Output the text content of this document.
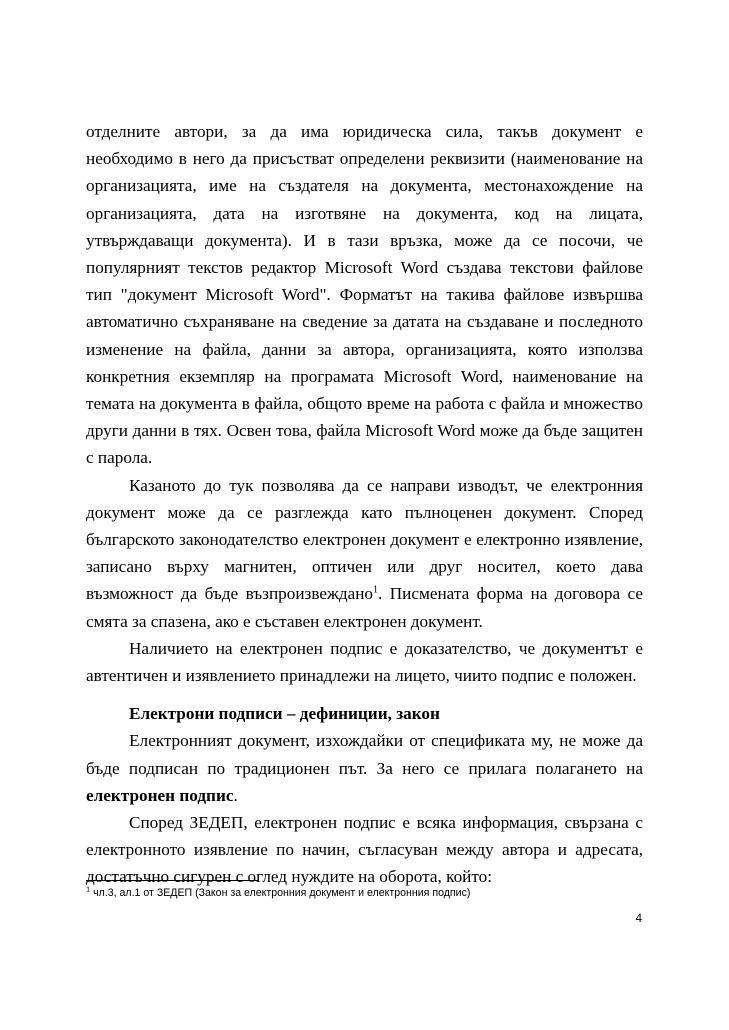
отделните автори, за да има юридическа сила, такъв документ е необходимо в него да присъстват определени реквизити (наименование на организацията, име на създателя на документа, местонахождение на организацията, дата на изготвяне на документа, код на лицата, утвърждаващи документа). И в тази връзка, може да се посочи, че популярният текстов редактор Microsoft Word създава текстови файлове тип "документ Microsoft Word". Форматът на такива файлове извършва автоматично съхраняване на сведение за датата на създаване и последното изменение на файла, данни за автора, организацията, която използва конкретния екземпляр на програмата Microsoft Word, наименование на темата на документа в файла, общото време на работа с файла и множество други данни в тях. Освен това, файла Microsoft Word може да бъде защитен с парола.

Казаното до тук позволява да се направи изводът, че електронния документ може да се разглежда като пълноценен документ. Според българското законодателство електронен документ е електронно изявление, записано върху магнитен, оптичен или друг носител, което дава възможност да бъде възпроизвеждано$^1$. Писмената форма на договора се смята за спазена, ако е съставен електронен документ.

Наличието на електронен подпис е доказателство, че документът е автентичен и изявлението принадлежи на лицето, чиито подпис е положен.

Електрони подписи – дефиниции, закон

Електронният документ, изхождайки от спецификата му, не може да бъде подписан по традиционен път. За него се прилага полагането на електронен подпис.

Според ЗЕДЕП, електронен подпис е всяка информация, свързана с електронното изявление по начин, съгласуван между автора и адресата, достатъчно сигурен с оглед нуждите на оборота, който:

$^1$ чл.3, ал.1 от ЗЕДЕП (Закон за електронния документ и електронния подпис)
4
